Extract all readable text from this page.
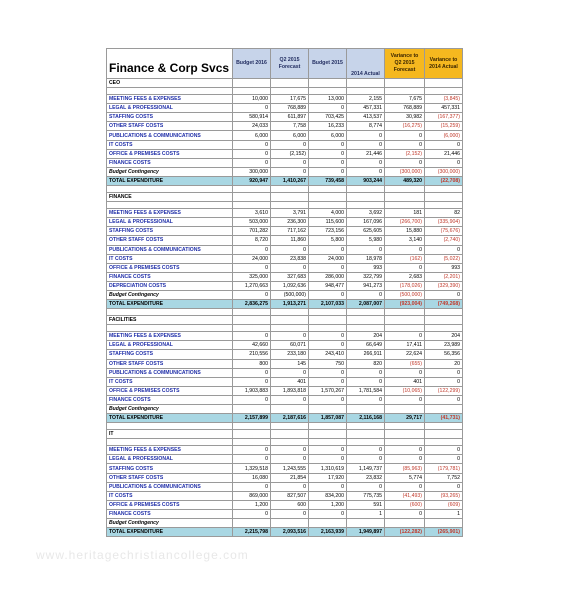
www.heritagechristiancollege.com
Finance & Corp Svcs	Budget 2016	Q2 2015 Forecast	Budget 2015	2014 Actual	Variance to Q2 2015 Forecast	Variance to 2014 Actual
CEO						

MEETING FEES & EXPENSES	10,000	17,675	13,000	2,155	7,675	(3,845)
LEGAL & PROFESSIONAL	0	768,889	0	457,331	768,889	457,331
STAFFING COSTS	580,914	611,897	703,425	413,537	30,982	(167,377)
OTHER STAFF COSTS	24,033	7,758	16,233	8,774	(16,275)	(15,259)
PUBLICATIONS & COMMUNICATIONS	6,000	6,000	6,000	0	0	(6,000)
IT COSTS	0	0	0	0	0	0
OFFICE & PREMISES COSTS	0	(2,152)	0	21,446	(2,152)	21,446
FINANCE COSTS	0	0	0	0	0	0
Budget Contingency	300,000	0	0	0	(300,000)	(300,000)
TOTAL EXPENDITURE	920,947	1,410,267	739,458	903,244	489,320	(22,708)

FINANCE						

MEETING FEES & EXPENSES	3,610	3,791	4,000	3,692	181	82
LEGAL & PROFESSIONAL	503,000	236,300	115,600	167,096	(266,700)	(335,904)
STAFFING COSTS	701,282	717,162	723,156	625,605	15,880	(75,676)
OTHER STAFF COSTS	8,720	11,860	5,800	5,980	3,140	(2,740)
PUBLICATIONS & COMMUNICATIONS	0	0	0	0	0	0
IT COSTS	24,000	23,838	24,000	18,978	(162)	(5,022)
OFFICE & PREMISES COSTS	0	0	0	993	0	993
FINANCE COSTS	325,000	327,683	286,000	322,799	2,683	(2,201)
DEPRECIATION COSTS	1,270,663	1,092,636	948,477	941,273	(178,026)	(329,390)
Budget Contingency	0	(500,000)	0	0	(500,000)	0
TOTAL EXPENDITURE	2,836,275	1,913,271	2,107,033	2,087,007	(923,004)	(749,268)

FACILITIES						

MEETING FEES & EXPENSES	0	0	0	204	0	204
LEGAL & PROFESSIONAL	42,660	60,071	0	66,649	17,411	23,989
STAFFING COSTS	210,556	233,180	243,410	266,911	22,624	56,356
OTHER STAFF COSTS	800	145	750	820	(655)	20
PUBLICATIONS & COMMUNICATIONS	0	0	0	0	0	0
IT COSTS	0	401	0	0	401	0
OFFICE & PREMISES COSTS	1,903,883	1,893,818	1,570,267	1,781,584	(10,065)	(122,299)
FINANCE COSTS	0	0	0	0	0	0
Budget Contingency						
TOTAL EXPENDITURE	2,157,899	2,187,616	1,857,087	2,116,168	29,717	(41,731)

IT						

MEETING FEES & EXPENSES	0	0	0	0	0	0
LEGAL & PROFESSIONAL	0	0	0	0	0	0
STAFFING COSTS	1,329,518	1,243,555	1,310,619	1,149,737	(85,963)	(179,781)
OTHER STAFF COSTS	16,080	21,854	17,920	23,832	5,774	7,752
PUBLICATIONS & COMMUNICATIONS	0	0	0	0	0	0
IT COSTS	869,000	827,507	834,200	775,735	(41,493)	(93,265)
OFFICE & PREMISES COSTS	1,200	600	1,200	591	(600)	(609)
FINANCE COSTS	0	0	0	1	0	1
Budget Contingency						
TOTAL EXPENDITURE	2,215,798	2,093,516	2,163,939	1,949,897	(122,282)	(265,901)
